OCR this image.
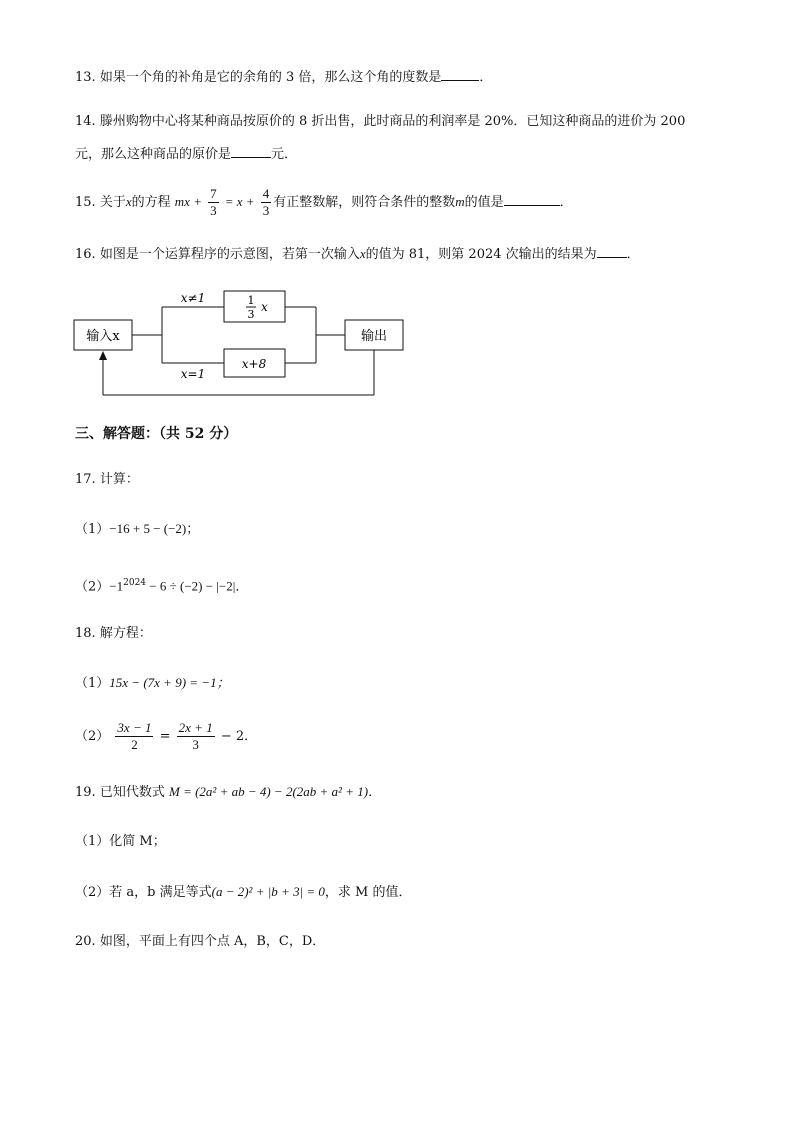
13. 如果一个角的补角是它的余角的 3 倍，那么这个角的度数是	．
14. 滕州购物中心将某种商品按原价的 8 折出售，此时商品的利润率是 20%．已知这种商品的进价为 200
元，那么这种商品的原价是	元．
15. 关于x的方程 mx + $\frac{7}{3} = x + \frac{4}{3}$ 有正整数解，则符合条件的整数m的值是	．
16. 如图是一个运算程序的示意图，若第一次输入x的值为 81，则第 2024 次输出的结果为 ．
输入x	输出
x≠1
x=1
1
3
x
x+8
三、解答题：（共 52 分）
17. 计算：
（1）−16 + 5 − (−2)；
$(2)-1^{2024} - 6 \div (-2) - |-2|$．
18. 解方程：
（1）15x − (7x + 9) = −1；
$(2) \frac{3x - 1}{2} = \frac{2x + 1}{3} - 2$．
19. 已知代数式 M = (2a² + ab − 4) − 2(2ab + a² + 1)．
（1）化简 M；
（2）若 a，b 满足等式(a − 2)² + |b + 3| = 0，求 M 的值．
20. 如图，平面上有四个点 A，B，C，D．
